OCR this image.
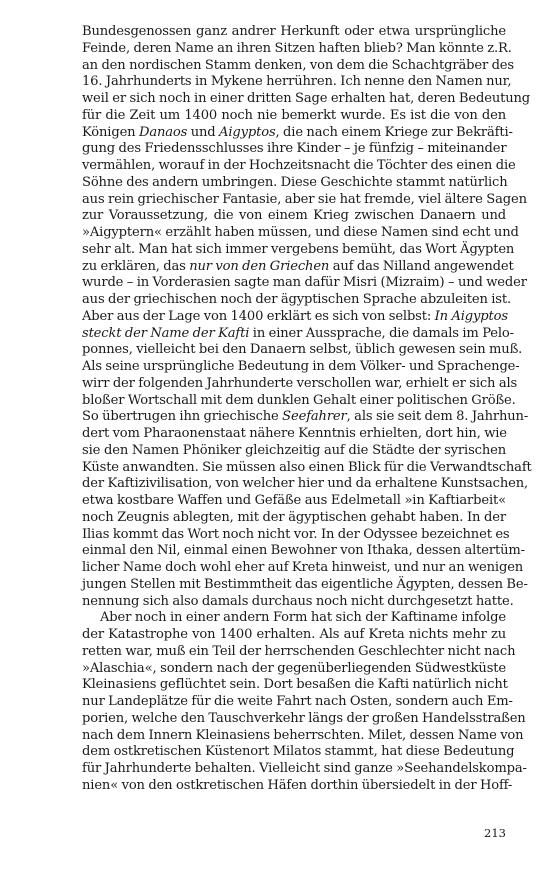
Bundesgenossen ganz andrer Herkunft oder etwa ursprüngliche
Feinde, deren Name an ihren Sitzen haften blieb? Man könnte z.R.
an den nordischen Stamm denken, von dem die Schachtgräber des
16. Jahrhunderts in Mykene herrühren. Ich nenne den Namen nur,
weil er sich noch in einer dritten Sage erhalten hat, deren Bedeutung
für die Zeit um 1400 noch nie bemerkt wurde. Es ist die von den
Königen Danaos und Aigyptos, die nach einem Kriege zur Bekräfti-
gung des Friedensschlusses ihre Kinder – je fünfzig – miteinander
vermählen, worauf in der Hochzeitsnacht die Töchter des einen die
Söhne des andern umbringen. Diese Geschichte stammt natürlich
aus rein griechischer Fantasie, aber sie hat fremde, viel ältere Sagen
zur Voraussetzung, die von einem Krieg zwischen Danaern und
»Aigyptern« erzählt haben müssen, und diese Namen sind echt und
sehr alt. Man hat sich immer vergebens bemüht, das Wort Ägypten
zu erklären, das nur von den Griechen auf das Nilland angewendet
wurde – in Vorderasien sagte man dafür Misri (Mizraim) – und weder
aus der griechischen noch der ägyptischen Sprache abzuleiten ist.
Aber aus der Lage von 1400 erklärt es sich von selbst: In Aigyptos
steckt der Name der Kafti in einer Aussprache, die damals im Pelo-
ponnes, vielleicht bei den Danaern selbst, üblich gewesen sein muß.
Als seine ursprüngliche Bedeutung in dem Völker- und Sprachenge-
wirr der folgenden Jahrhunderte verschollen war, erhielt er sich als
bloßer Wortschall mit dem dunklen Gehalt einer politischen Größe.
So übertrugen ihn griechische Seefahrer, als sie seit dem 8. Jahrhun-
dert vom Pharaonenstaat nähere Kenntnis erhielten, dort hin, wie
sie den Namen Phöniker gleichzeitig auf die Städte der syrischen
Küste anwandten. Sie müssen also einen Blick für die Verwandtschaft
der Kaftizivilisation, von welcher hier und da erhaltene Kunstsachen,
etwa kostbare Waffen und Gefäße aus Edelmetall »in Kaftiarbeit«
noch Zeugnis ablegten, mit der ägyptischen gehabt haben. In der
Ilias kommt das Wort noch nicht vor. In der Odyssee bezeichnet es
einmal den Nil, einmal einen Bewohner von Ithaka, dessen altertüm-
licher Name doch wohl eher auf Kreta hinweist, und nur an wenigen
jungen Stellen mit Bestimmtheit das eigentliche Ägypten, dessen Be-
nennung sich also damals durchaus noch nicht durchgesetzt hatte.
Aber noch in einer andern Form hat sich der Kaftiname infolge
der Katastrophe von 1400 erhalten. Als auf Kreta nichts mehr zu
retten war, muß ein Teil der herrschenden Geschlechter nicht nach
»Alaschia«, sondern nach der gegenüberliegenden Südwestküste
Kleinasiens geflüchtet sein. Dort besaßen die Kafti natürlich nicht
nur Landeplätze für die weite Fahrt nach Osten, sondern auch Em-
porien, welche den Tauschverkehr längs der großen Handelsstraßen
nach dem Innern Kleinasiens beherrschten. Milet, dessen Name von
dem ostkretischen Küstenort Milatos stammt, hat diese Bedeutung
für Jahrhunderte behalten. Vielleicht sind ganze »Seehandelskompa-
nien« von den ostkretischen Häfen dorthin übersiedelt in der Hoff-
213
